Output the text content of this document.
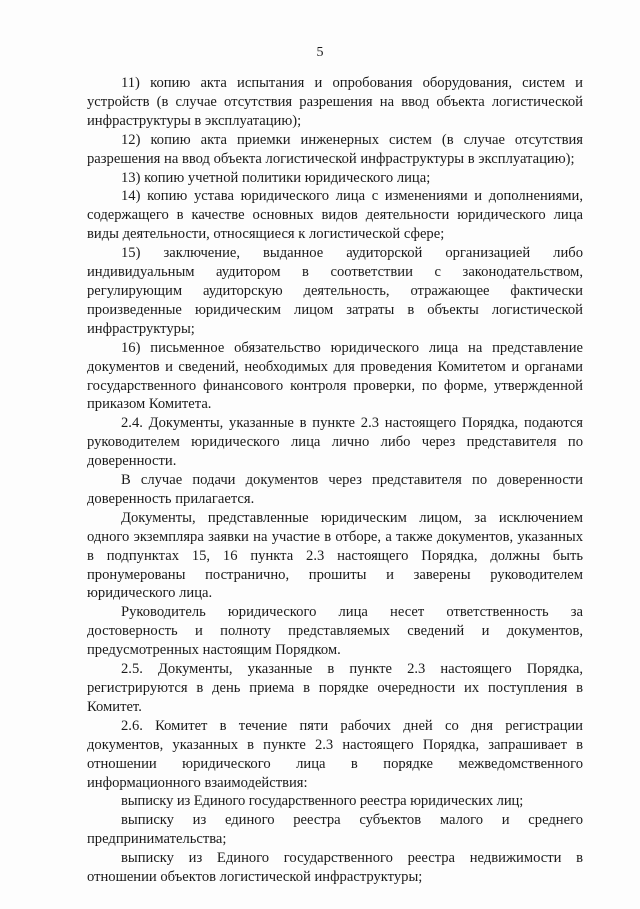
5

11) копию акта испытания и опробования оборудования, систем и устройств (в случае отсутствия разрешения на ввод объекта логистической инфраструктуры в эксплуатацию);

12) копию акта приемки инженерных систем (в случае отсутствия разрешения на ввод объекта логистической инфраструктуры в эксплуатацию);

13) копию учетной политики юридического лица;

14) копию устава юридического лица с изменениями и дополнениями, содержащего в качестве основных видов деятельности юридического лица виды деятельности, относящиеся к логистической сфере;

15) заключение, выданное аудиторской организацией либо индивидуальным аудитором в соответствии с законодательством, регулирующим аудиторскую деятельность, отражающее фактически произведенные юридическим лицом затраты в объекты логистической инфраструктуры;

16) письменное обязательство юридического лица на представление документов и сведений, необходимых для проведения Комитетом и органами государственного финансового контроля проверки, по форме, утвержденной приказом Комитета.

2.4. Документы, указанные в пункте 2.3 настоящего Порядка, подаются руководителем юридического лица лично либо через представителя по доверенности.

В случае подачи документов через представителя по доверенности доверенность прилагается.

Документы, представленные юридическим лицом, за исключением одного экземпляра заявки на участие в отборе, а также документов, указанных в подпунктах 15, 16 пункта 2.3 настоящего Порядка, должны быть пронумерованы постранично, прошиты и заверены руководителем юридического лица.

Руководитель юридического лица несет ответственность за достоверность и полноту представляемых сведений и документов, предусмотренных настоящим Порядком.

2.5. Документы, указанные в пункте 2.3 настоящего Порядка, регистрируются в день приема в порядке очередности их поступления в Комитет.

2.6. Комитет в течение пяти рабочих дней со дня регистрации документов, указанных в пункте 2.3 настоящего Порядка, запрашивает в отношении юридического лица в порядке межведомственного информационного взаимодействия:

выписку из Единого государственного реестра юридических лиц;

выписку из единого реестра субъектов малого и среднего предпринимательства;

выписку из Единого государственного реестра недвижимости в отношении объектов логистической инфраструктуры;
